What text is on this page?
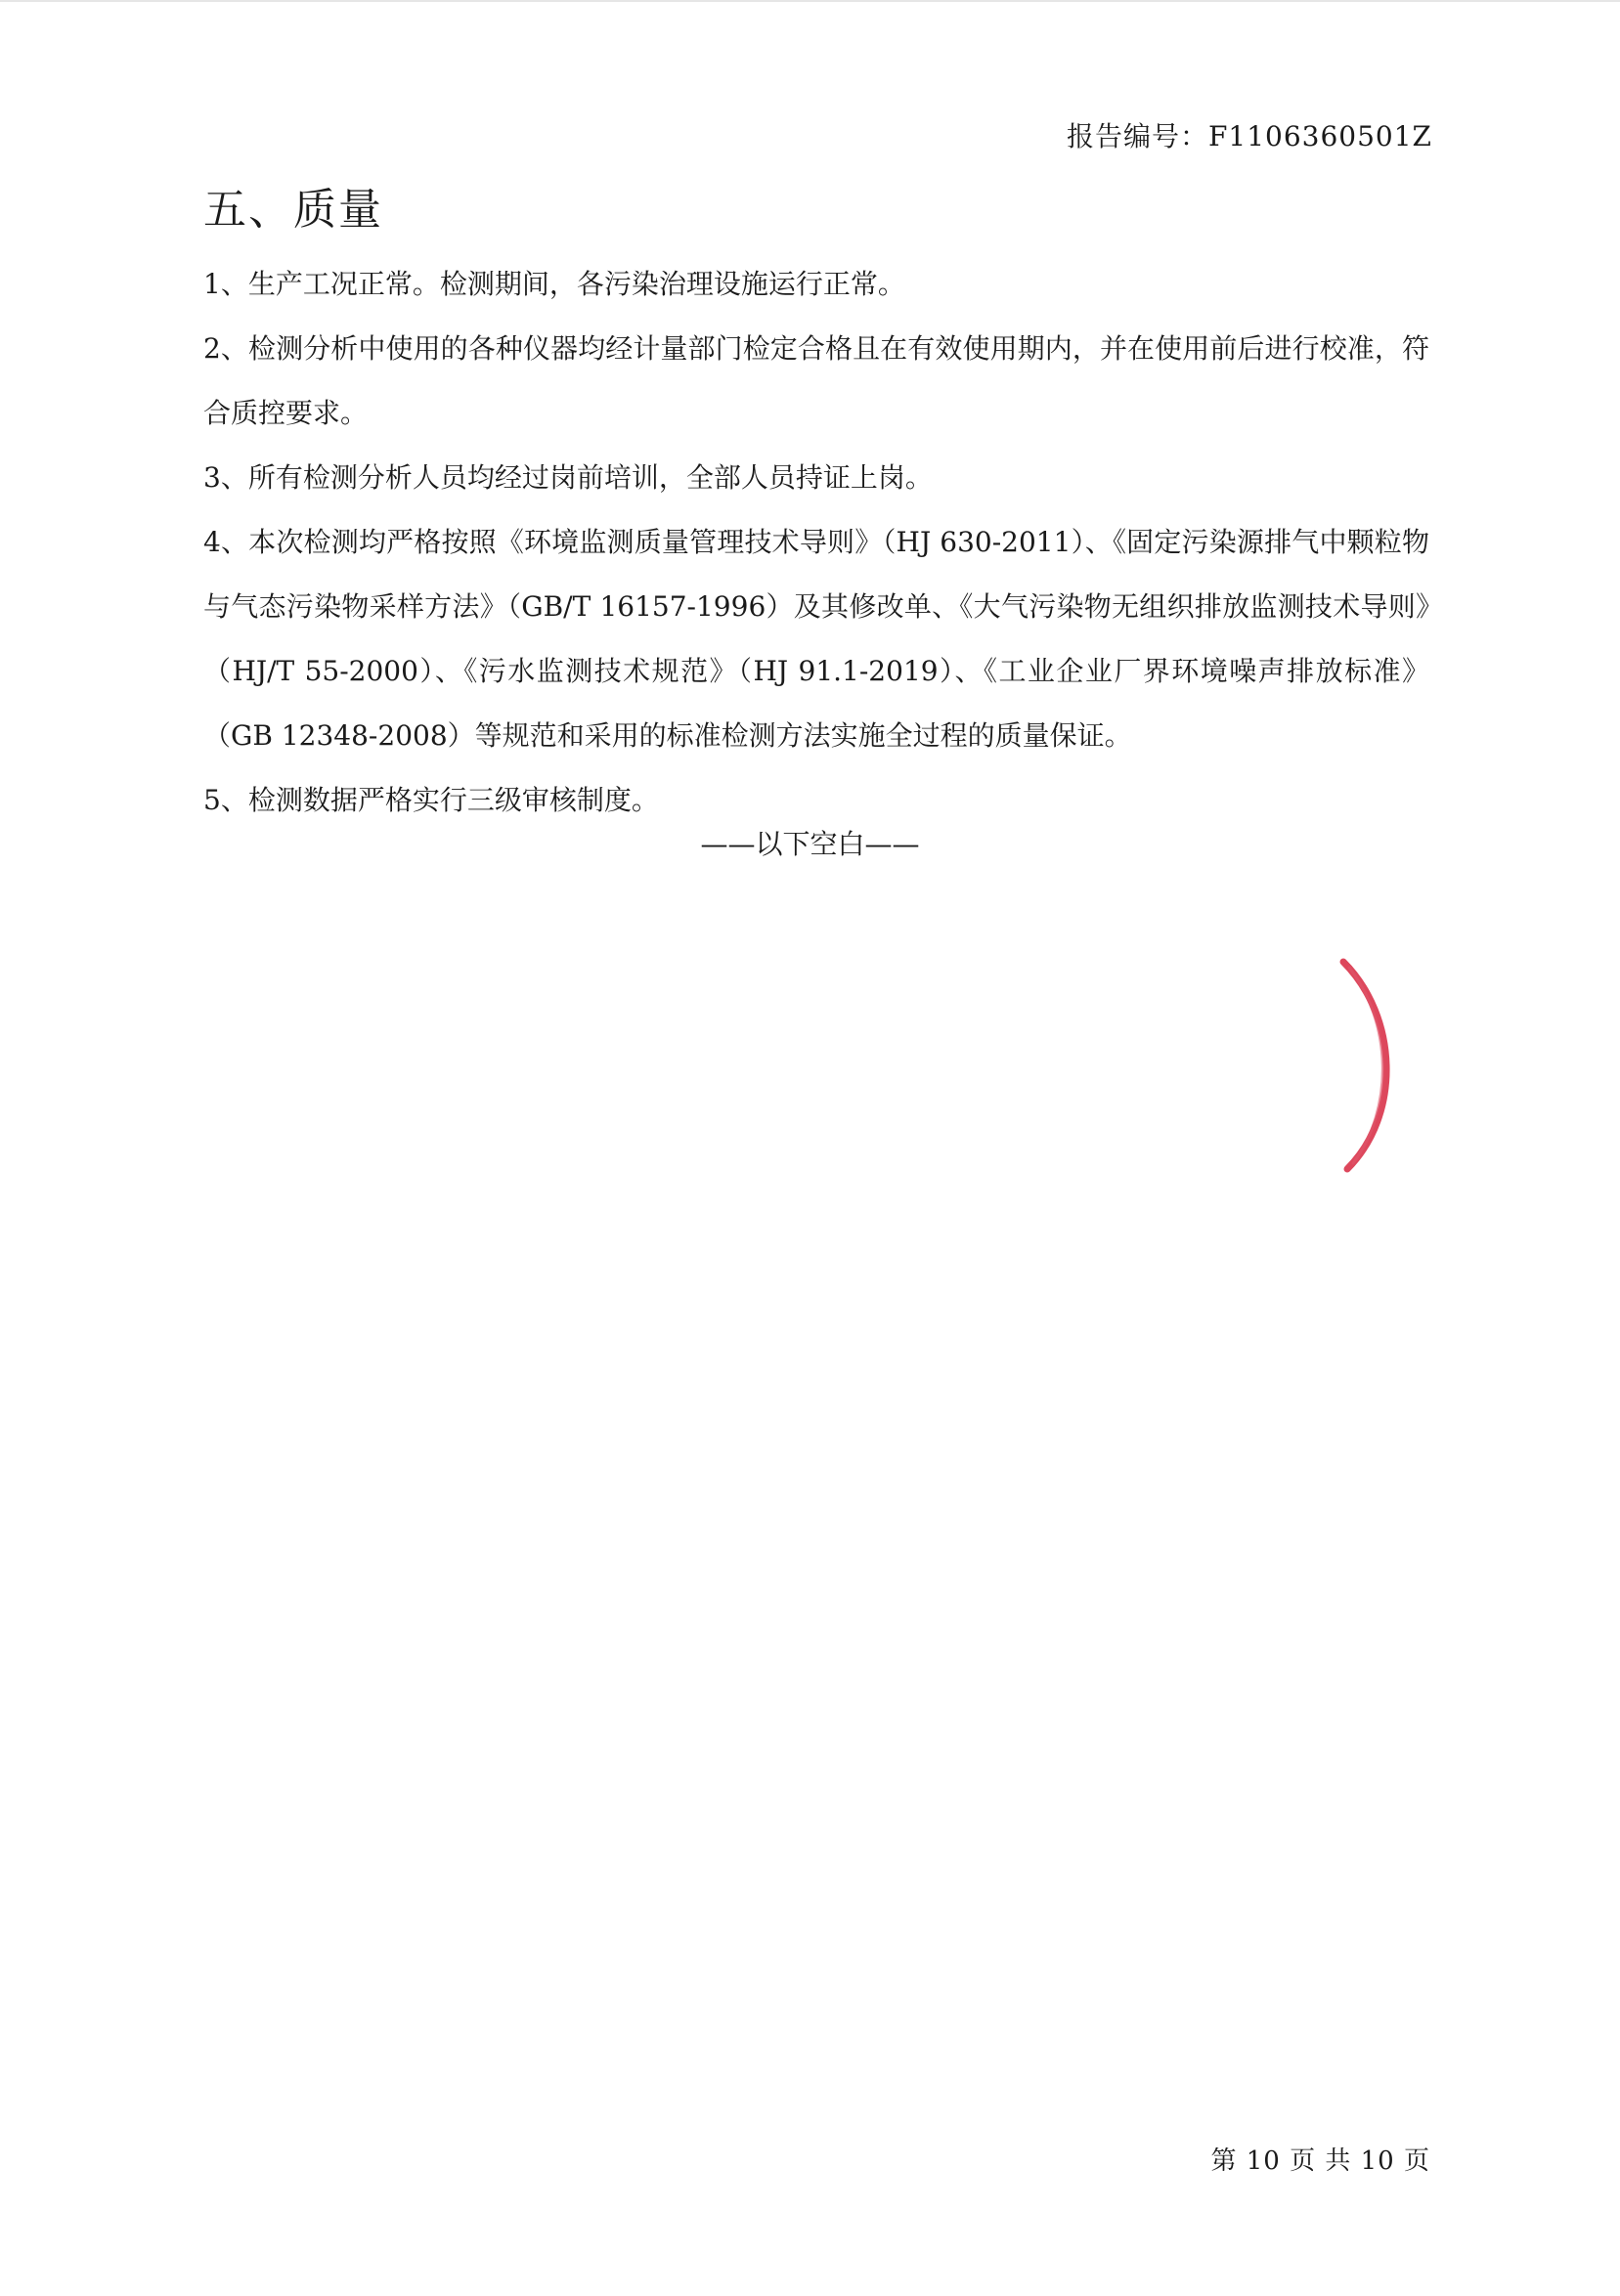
报告编号：F1106360501Z
五、质量

1、生产工况正常。检测期间，各污染治理设施运行正常。

2、检测分析中使用的各种仪器均经计量部门检定合格且在有效使用期内，并在使用前后进行校准，符合质控要求。

3、所有检测分析人员均经过岗前培训，全部人员持证上岗。

4、本次检测均严格按照《环境监测质量管理技术导则》（HJ 630-2011）、《固定污染源排气中颗粒物与气态污染物采样方法》（GB/T 16157-1996）及其修改单、《大气污染物无组织排放监测技术导则》（HJ/T 55-2000）、《污水监测技术规范》（HJ 91.1-2019）、《工业企业厂界环境噪声排放标准》（GB 12348-2008）等规范和采用的标准检测方法实施全过程的质量保证。

5、检测数据严格实行三级审核制度。

——以下空白——
第 10 页 共 10 页
